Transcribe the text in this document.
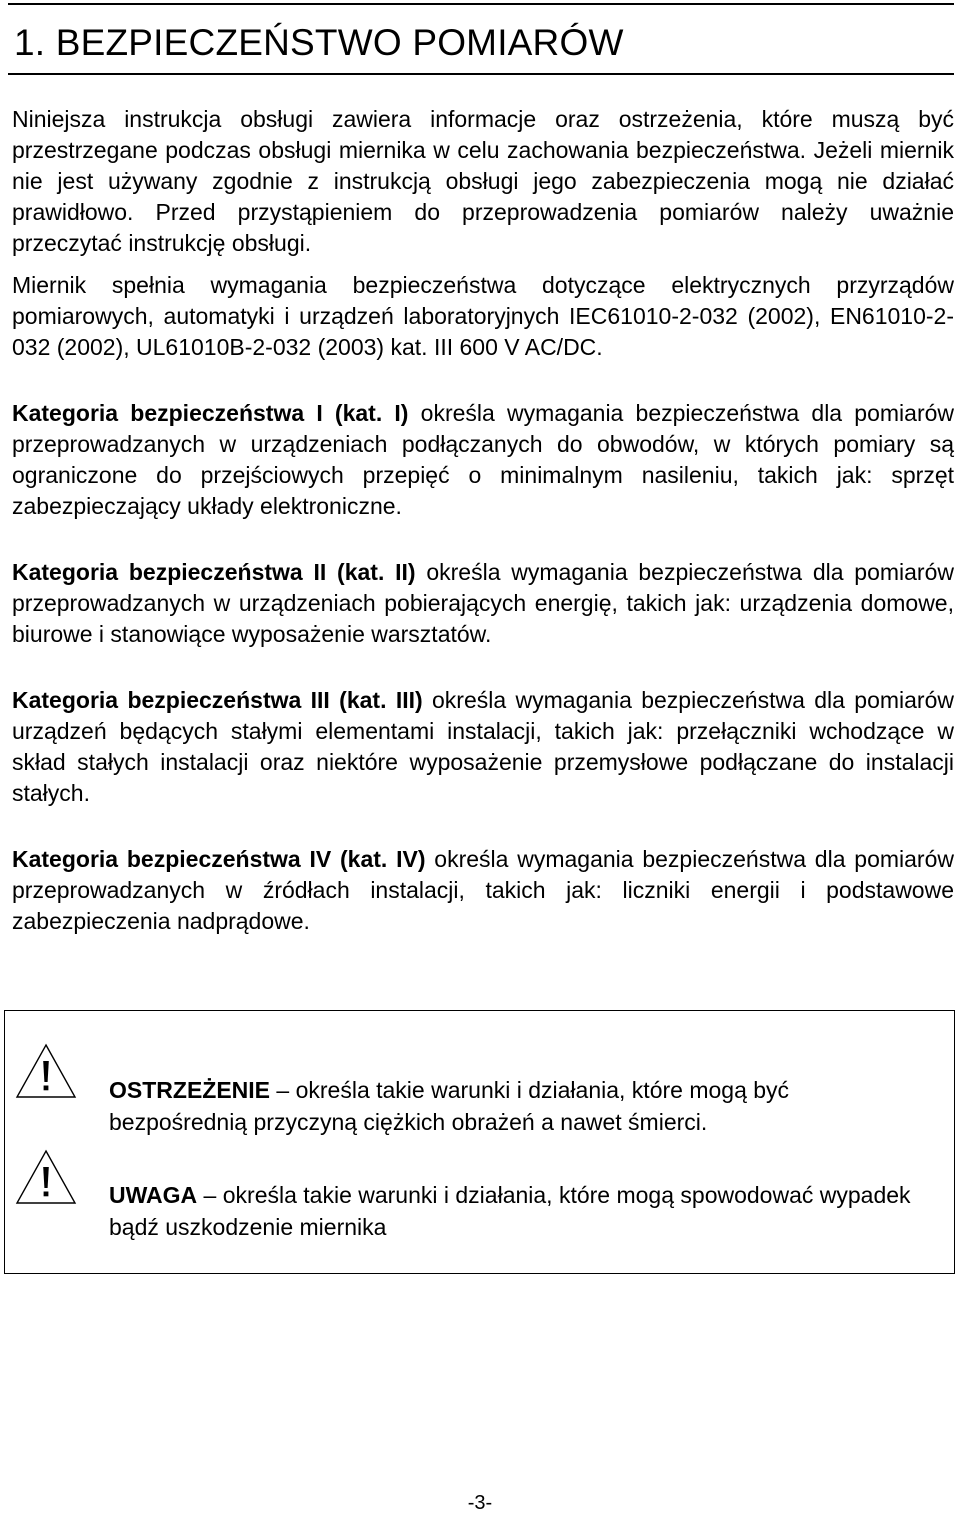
1. BEZPIECZEŃSTWO POMIARÓW

Niniejsza instrukcja obsługi zawiera informacje oraz ostrzeżenia, które muszą być przestrzegane podczas obsługi miernika w celu zachowania bezpieczeństwa. Jeżeli miernik nie jest używany zgodnie z instrukcją obsługi jego zabezpieczenia mogą nie działać prawidłowo. Przed przystąpieniem do przeprowadzenia pomiarów należy uważnie przeczytać instrukcję obsługi.

Miernik spełnia wymagania bezpieczeństwa dotyczące elektrycznych przyrządów pomiarowych, automatyki i urządzeń laboratoryjnych IEC61010-2-032 (2002), EN61010-2-032 (2002), UL61010B-2-032 (2003) kat. III 600 V AC/DC.

Kategoria bezpieczeństwa I (kat. I) określa wymagania bezpieczeństwa dla pomiarów przeprowadzanych w urządzeniach podłączanych do obwodów, w których pomiary są ograniczone do przejściowych przepięć o minimalnym nasileniu, takich jak: sprzęt zabezpieczający układy elektroniczne.

Kategoria bezpieczeństwa II (kat. II) określa wymagania bezpieczeństwa dla pomiarów przeprowadzanych w urządzeniach pobierających energię, takich jak: urządzenia domowe, biurowe i stanowiące wyposażenie warsztatów.

Kategoria bezpieczeństwa III (kat. III) określa wymagania bezpieczeństwa dla pomiarów urządzeń będących stałymi elementami instalacji, takich jak: przełączniki wchodzące w skład stałych instalacji oraz niektóre wyposażenie przemysłowe podłączane do instalacji stałych.

Kategoria bezpieczeństwa IV (kat. IV) określa wymagania bezpieczeństwa dla pomiarów przeprowadzanych w źródłach instalacji, takich jak: liczniki energii i podstawowe zabezpieczenia nadprądowe.

OSTRZEŻENIE – określa takie warunki i działania, które mogą być bezpośrednią przyczyną ciężkich obrażeń a nawet śmierci.
UWAGA – określa takie warunki i działania, które mogą spowodować wypadek bądź uszkodzenie miernika
-3-
